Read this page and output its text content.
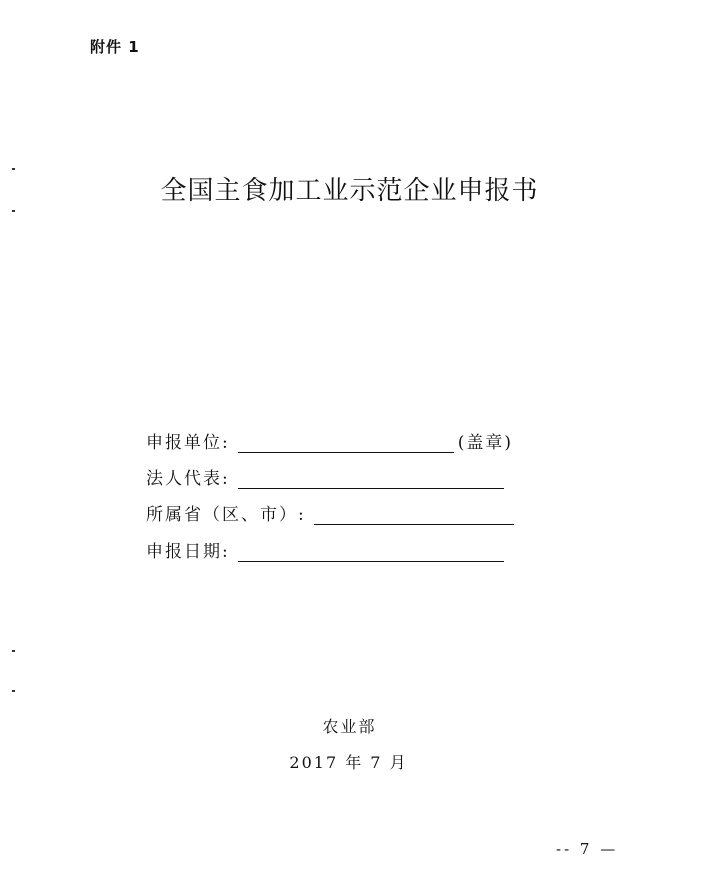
附件 1
全国主食加工业示范企业申报书
申报单位:	(盖章)
法人代表:
所属省（区、市）:
申报日期:
农业部
2017 年 7 月
-- 7 —
